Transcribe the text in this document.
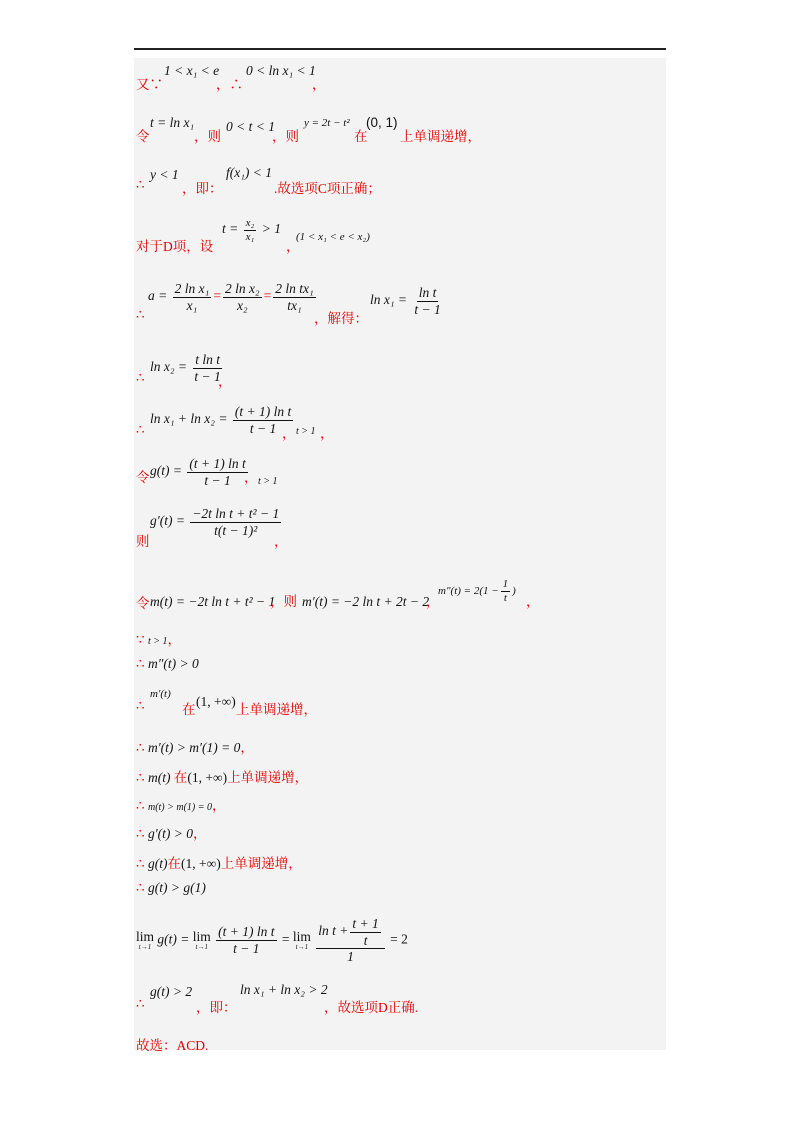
又∵
1 < x₁ < e
，∴
0 < ln x₁ < 1
，
令
t = ln x₁
，则
0 < t < 1
，则
y = 2t − t²
在
(0, 1)
上单调递增，
∴
y < 1
，即：
f(x₁) < 1
.故选项C项正确；
对于D项，设
$t = \frac{\text{x₂}}{\text{x₁}} > 1$
，
(1 < x₁ < e < x₂)
∴
$a = \frac{\text{2 ln x₁}}{\text{x₁}} = \frac{\text{2 ln x₂}}{\text{x₂}} = \frac{\text{2 ln tx₁}}{\text{tx₁}}$
，解得：
$\ln x_1 = \frac{\text{ln t}}{t - 1}$
∴
$\ln x_2 = \frac{\text{t ln t}}{t - 1}$
，
∴
$\ln x_1 + \ln x_2 = \frac{\text{(t + 1) ln t}}{t - 1}$
， t > 1 ，
令 $g(t) = \frac{\text{(t + 1) ln t}}{t - 1}$
， t > 1
则
$g'(t) = \frac{\text{−2t ln t + t² − 1}}{\text{t(t − 1)²}}$
，
令 m(t) = −2t ln t + t² − 1
，则 m′(t) = −2 ln t + 2t − 2
，
$m''(t) = 2(1 - \frac{1}{t}$ )
，
∵ t > 1，
∴ m″(t) > 0
∴
m′(t)
在
(1, +∞)
上单调递增，
∴ m′(t) > m′(1) = 0，
∴ m(t) 在(1, +∞)上单调递增，
∴ m(t) > m(1) = 0，
∴ g′(t) > 0，
∴ g(t)在(1, +∞)上单调递增，
∴ g(t) > g(1)
lim
t→1
g(t) = lim
t→1
$\frac{\text{(t + 1) ln t}}{t - 1} = \lim$
t→1
$\frac{\ln t + \frac{t + 1}{t}}{1} = 2$
∴
g(t) > 2
，即：
ln x₁ + ln x₂ > 2
，故选项D正确.
故选：ACD.
